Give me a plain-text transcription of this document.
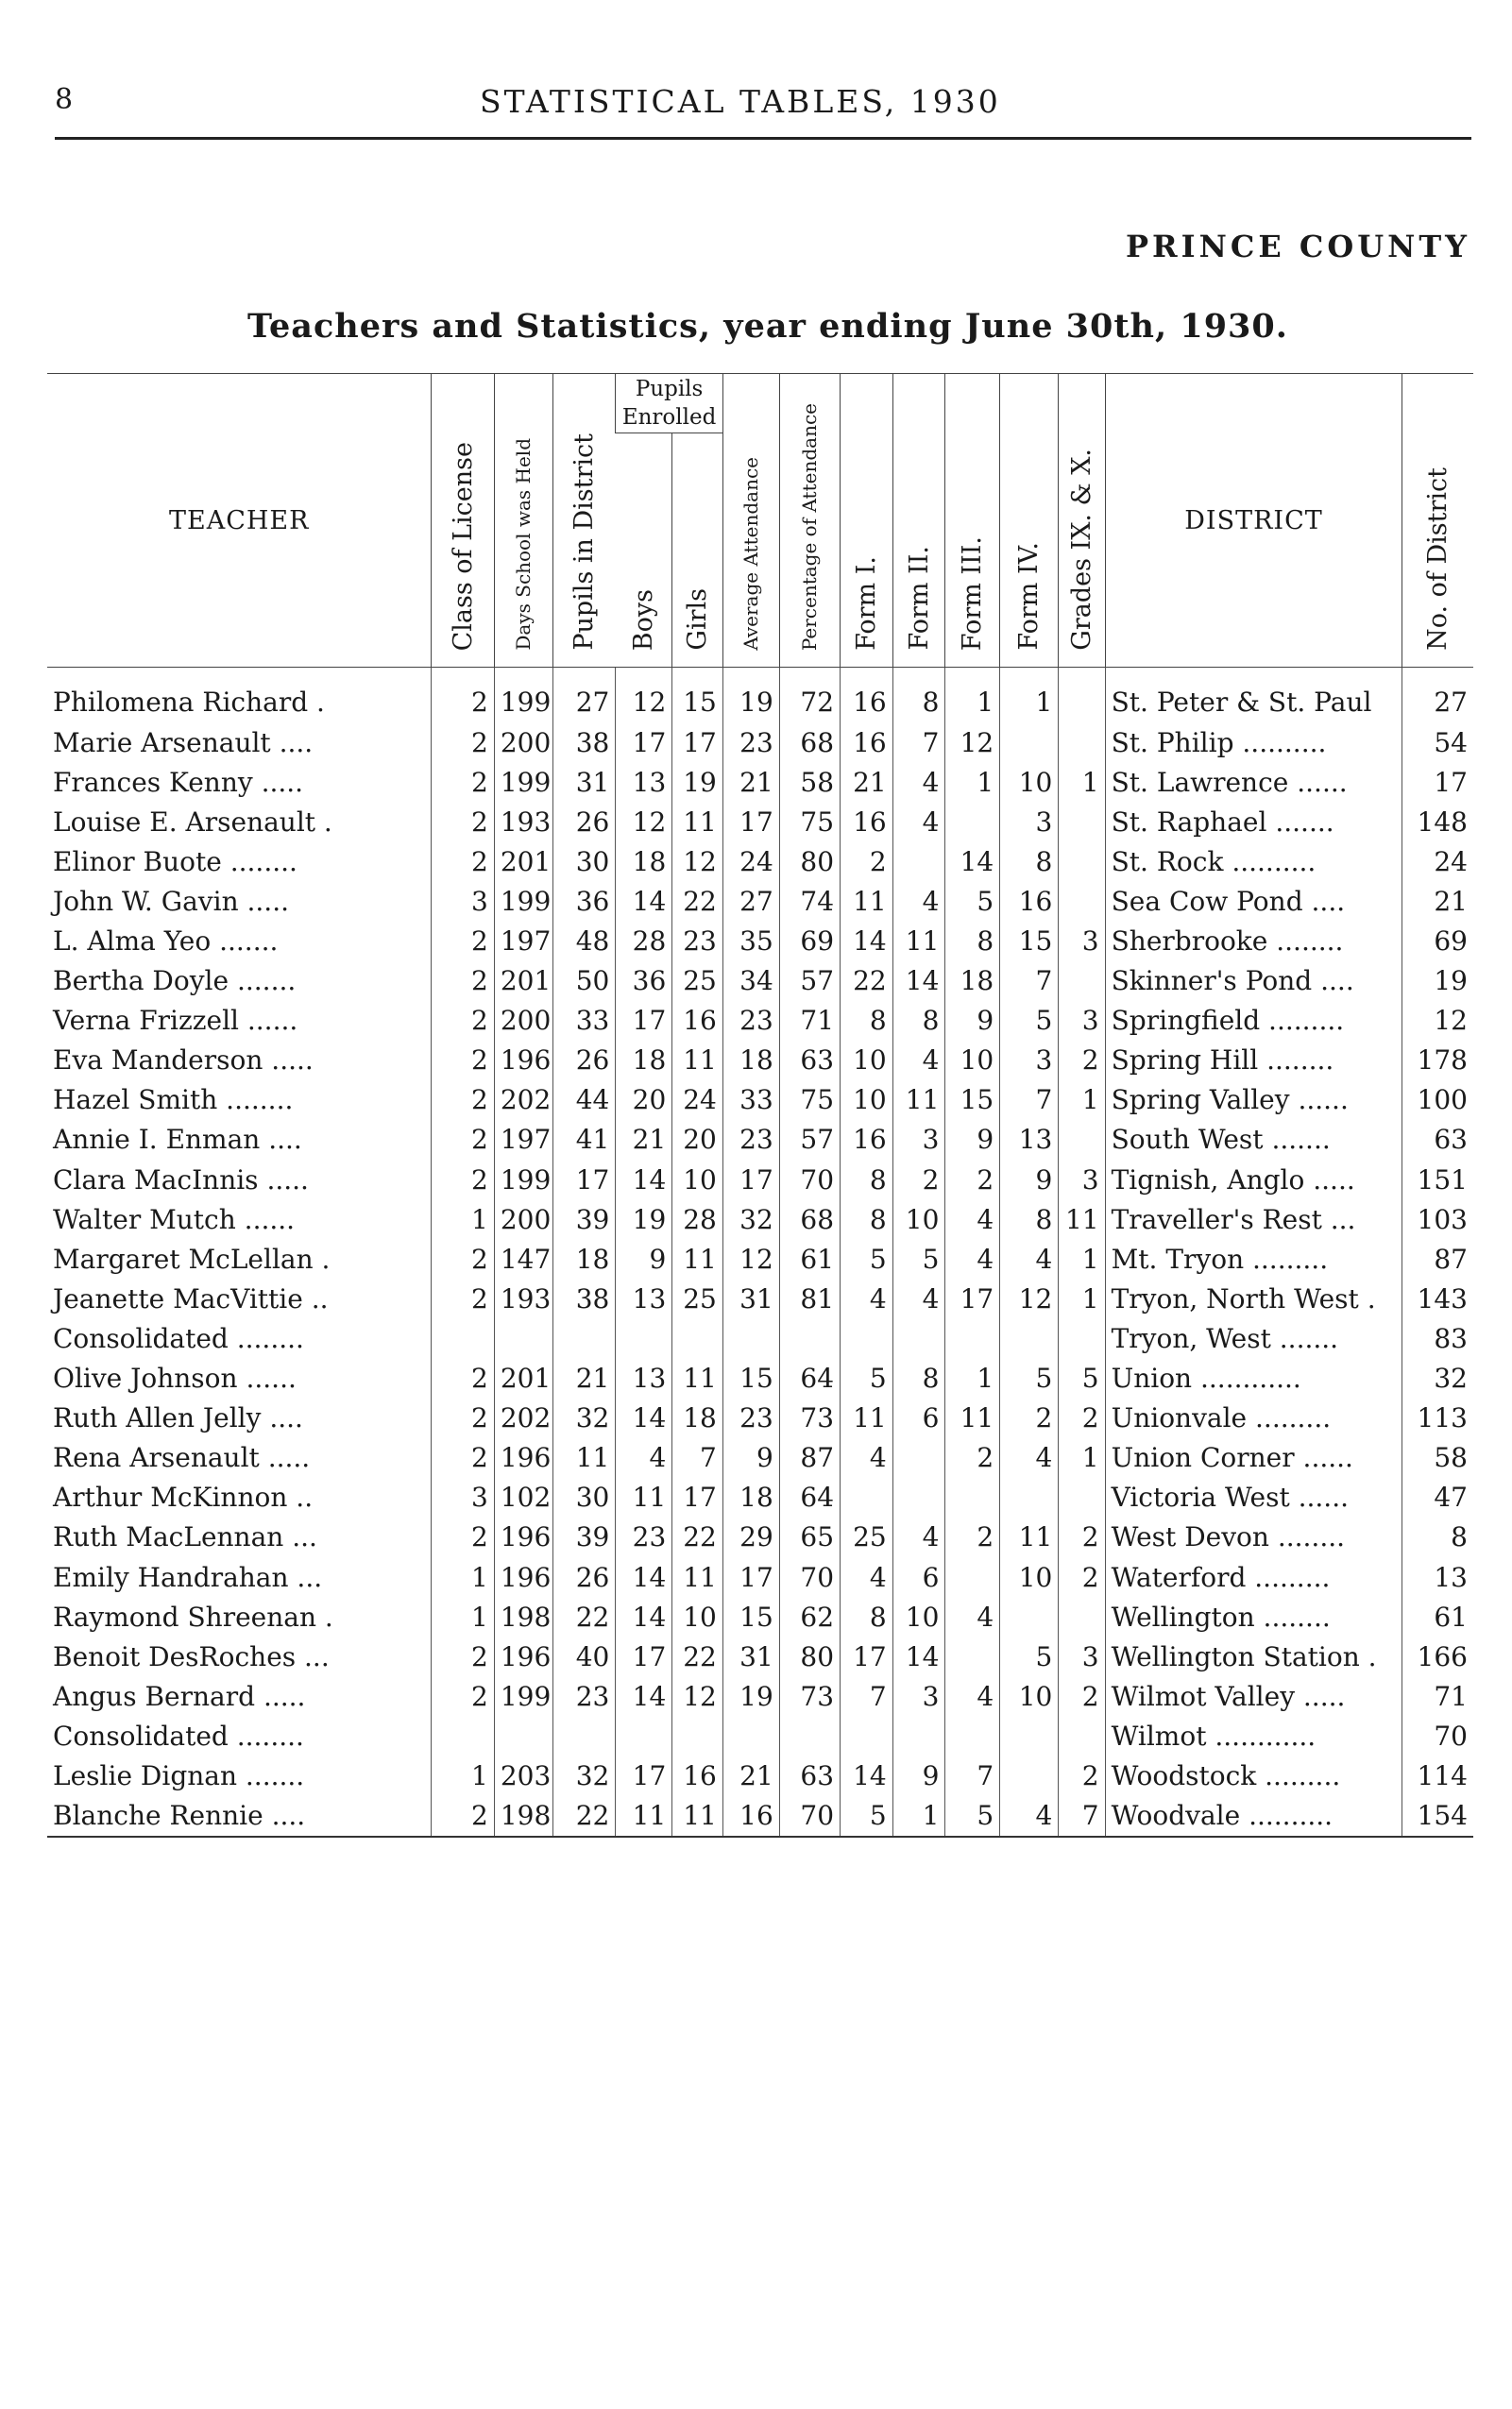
8	STATISTICAL TABLES, 1930
PRINCE COUNTY
Teachers and Statistics, year ending June 30th, 1930.
TEACHER	Class of License	Days School was Held	Pupils in District	Pupils Enrolled		Average Attendance	Percentage of Attendance	Form I.	Form II.	Form III.	Form IV.	Grades IX. & X.	DISTRICT	No. of District
				Boys	Girls									
Philomena Richard .	2	199	27	12	15	19	72	16	8	1	1		St. Peter & St. Paul	27
Marie Arsenault ....	2	200	38	17	17	23	68	16	7	12			St. Philip ..........	54
Frances Kenny .....	2	199	31	13	19	21	58	21	4	1	10	1	St. Lawrence ......	17
Louise E. Arsenault .	2	193	26	12	11	17	75	16	4		3		St. Raphael .......	148
Elinor Buote ........	2	201	30	18	12	24	80	2		14	8		St. Rock ..........	24
John W. Gavin .....	3	199	36	14	22	27	74	11	4	5	16		Sea Cow Pond ....	21
L. Alma Yeo .......	2	197	48	28	23	35	69	14	11	8	15	3	Sherbrooke ........	69
Bertha Doyle .......	2	201	50	36	25	34	57	22	14	18	7		Skinner's Pond ....	19
Verna Frizzell ......	2	200	33	17	16	23	71	8	8	9	5	3	Springfield .........	12
Eva Manderson .....	2	196	26	18	11	18	63	10	4	10	3	2	Spring Hill ........	178
Hazel Smith ........	2	202	44	20	24	33	75	10	11	15	7	1	Spring Valley ......	100
Annie I. Enman ....	2	197	41	21	20	23	57	16	3	9	13		South West .......	63
Clara MacInnis .....	2	199	17	14	10	17	70	8	2	2	9	3	Tignish, Anglo .....	151
Walter Mutch ......	1	200	39	19	28	32	68	8	10	4	8	11	Traveller's Rest ...	103
Margaret McLellan .	2	147	18	9	11	12	61	5	5	4	4	1	Mt. Tryon .........	87
Jeanette MacVittie ..	2	193	38	13	25	31	81	4	4	17	12	1	Tryon, North West .	143
Consolidated ........													Tryon, West .......	83
Olive Johnson ......	2	201	21	13	11	15	64	5	8	1	5	5	Union ............	32
Ruth Allen Jelly ....	2	202	32	14	18	23	73	11	6	11	2	2	Unionvale .........	113
Rena Arsenault .....	2	196	11	4	7	9	87	4		2	4	1	Union Corner ......	58
Arthur McKinnon ..	3	102	30	11	17	18	64						Victoria West ......	47
Ruth MacLennan ...	2	196	39	23	22	29	65	25	4	2	11	2	West Devon ........	8
Emily Handrahan ...	1	196	26	14	11	17	70	4	6		10	2	Waterford .........	13
Raymond Shreenan .	1	198	22	14	10	15	62	8	10	4			Wellington ........	61
Benoit DesRoches ...	2	196	40	17	22	31	80	17	14		5	3	Wellington Station .	166
Angus Bernard .....	2	199	23	14	12	19	73	7	3	4	10	2	Wilmot Valley .....	71
Consolidated ........													Wilmot ............	70
Leslie Dignan .......	1	203	32	17	16	21	63	14	9	7		2	Woodstock .........	114
Blanche Rennie ....	2	198	22	11	11	16	70	5	1	5	4	7	Woodvale ..........	154
